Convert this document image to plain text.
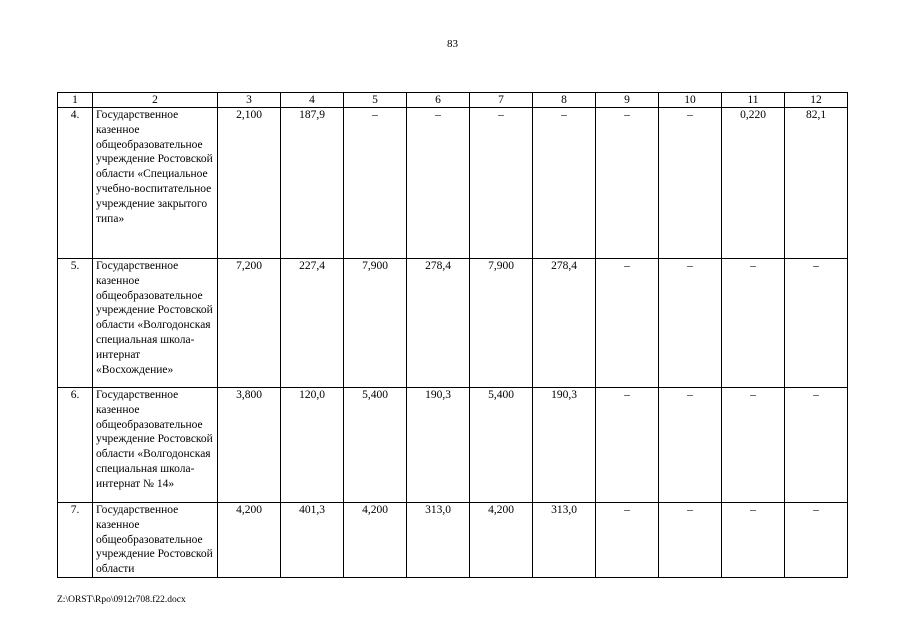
83
1	2	3	4	5	6	7	8	9	10	11	12
4.	Государственное казенное общеобразовательное учреждение Ростовской области «Специальное учебно-воспитательное учреждение закрытого типа»	2,100	187,9	–	–	–	–	–	–	0,220	82,1
5.	Государственное казенное общеобразовательное учреждение Ростовской области «Волгодонская специальная школа-интернат «Восхождение»	7,200	227,4	7,900	278,4	7,900	278,4	–	–	–	–
6.	Государственное казенное общеобразовательное учреждение Ростовской области «Волгодонская специальная школа-интернат № 14»	3,800	120,0	5,400	190,3	5,400	190,3	–	–	–	–
7.	Государственное казенное общеобразовательное учреждение Ростовской области	4,200	401,3	4,200	313,0	4,200	313,0	–	–	–	–
Z:\ORST\Rpo\0912r708.f22.docx
